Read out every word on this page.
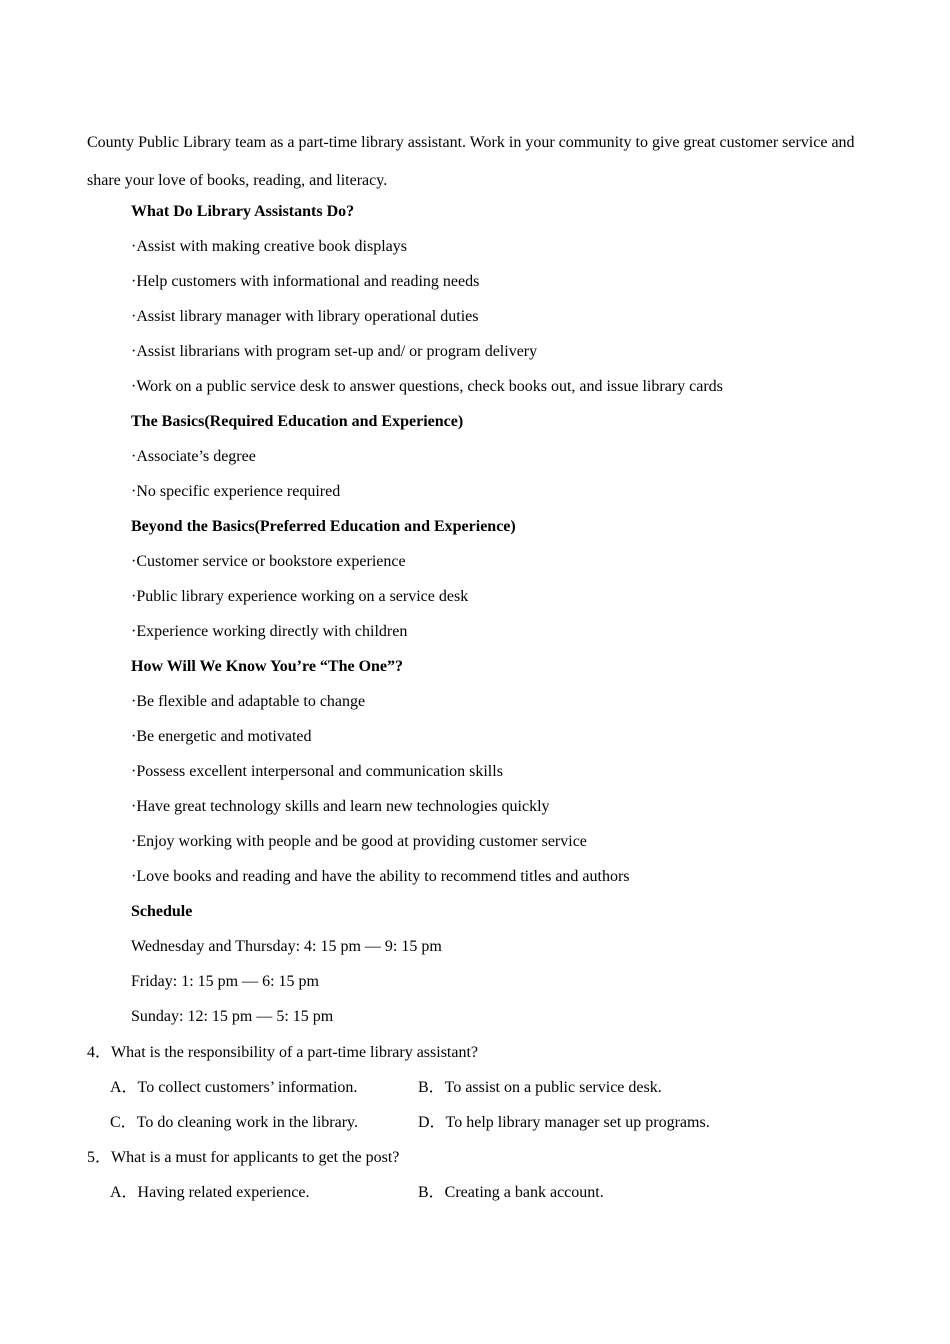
County Public Library team as a part-time library assistant. Work in your community to give great customer service and share your love of books, reading, and literacy.

What Do Library Assistants Do?
·Assist with making creative book displays
·Help customers with informational and reading needs
·Assist library manager with library operational duties
·Assist librarians with program set-up and/ or program delivery
·Work on a public service desk to answer questions, check books out, and issue library cards
The Basics(Required Education and Experience)
·Associate’s degree
·No specific experience required
Beyond the Basics(Preferred Education and Experience)
·Customer service or bookstore experience
·Public library experience working on a service desk
·Experience working directly with children
How Will We Know You’re “The One”?
·Be flexible and adaptable to change
·Be energetic and motivated
·Possess excellent interpersonal and communication skills
·Have great technology skills and learn new technologies quickly
·Enjoy working with people and be good at providing customer service
·Love books and reading and have the ability to recommend titles and authors
Schedule
Wednesday and Thursday: 4: 15 pm — 9: 15 pm
Friday: 1: 15 pm — 6: 15 pm
Sunday: 12: 15 pm — 5: 15 pm
4．What is the responsibility of a part-time library assistant?
A．To collect customers’ information.	B．To assist on a public service desk.
C．To do cleaning work in the library.	D．To help library manager set up programs.
5．What is a must for applicants to get the post?
A．Having related experience.	B．Creating a bank account.
